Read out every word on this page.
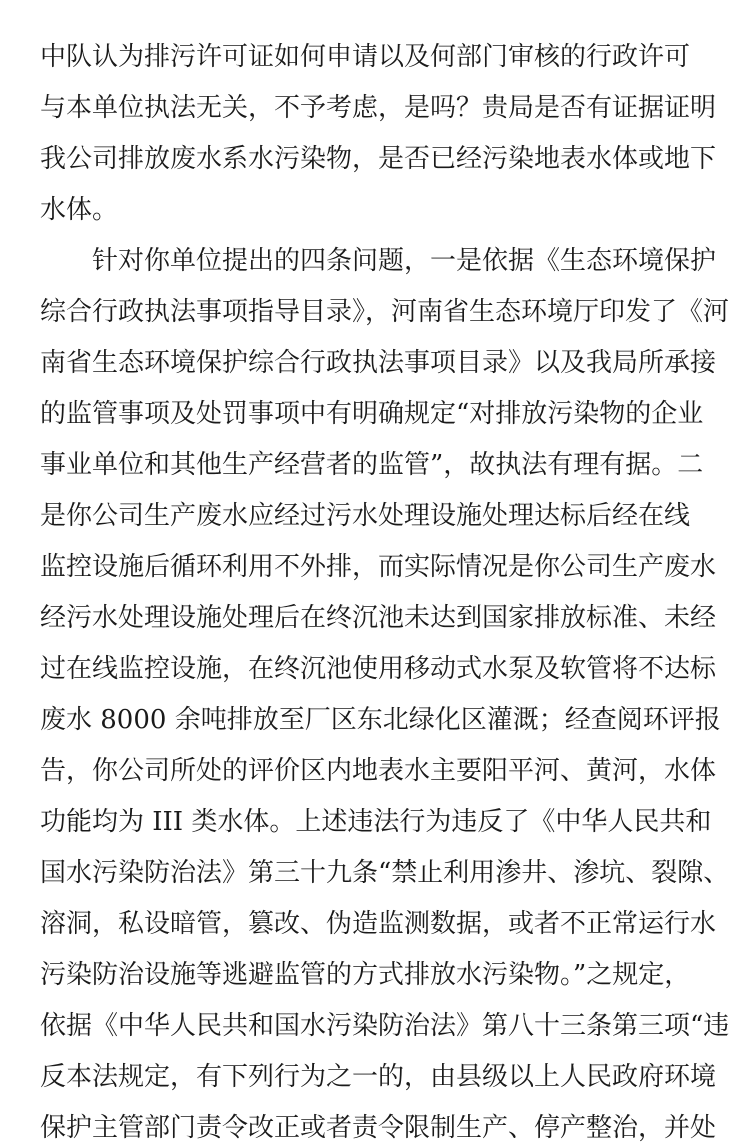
中队认为排污许可证如何申请以及何部门审核的行政许可
与本单位执法无关，不予考虑，是吗？贵局是否有证据证明
我公司排放废水系水污染物，是否已经污染地表水体或地下
水体。
针对你单位提出的四条问题，一是依据《生态环境保护
综合行政执法事项指导目录》，河南省生态环境厅印发了《河
南省生态环境保护综合行政执法事项目录》以及我局所承接
的监管事项及处罚事项中有明确规定“对排放污染物的企业
事业单位和其他生产经营者的监管”，故执法有理有据。二
是你公司生产废水应经过污水处理设施处理达标后经在线
监控设施后循环利用不外排，而实际情况是你公司生产废水
经污水处理设施处理后在终沉池未达到国家排放标准、未经
过在线监控设施，在终沉池使用移动式水泵及软管将不达标
废水 8000 余吨排放至厂区东北绿化区灌溉；经查阅环评报
告，你公司所处的评价区内地表水主要阳平河、黄河，水体
功能均为 III 类水体。上述违法行为违反了《中华人民共和
国水污染防治法》第三十九条“禁止利用渗井、渗坑、裂隙、
溶洞，私设暗管，篡改、伪造监测数据，或者不正常运行水
污染防治设施等逃避监管的方式排放水污染物。”之规定，
依据《中华人民共和国水污染防治法》第八十三条第三项“违
反本法规定，有下列行为之一的，由县级以上人民政府环境
保护主管部门责令改正或者责令限制生产、停产整治，并处
